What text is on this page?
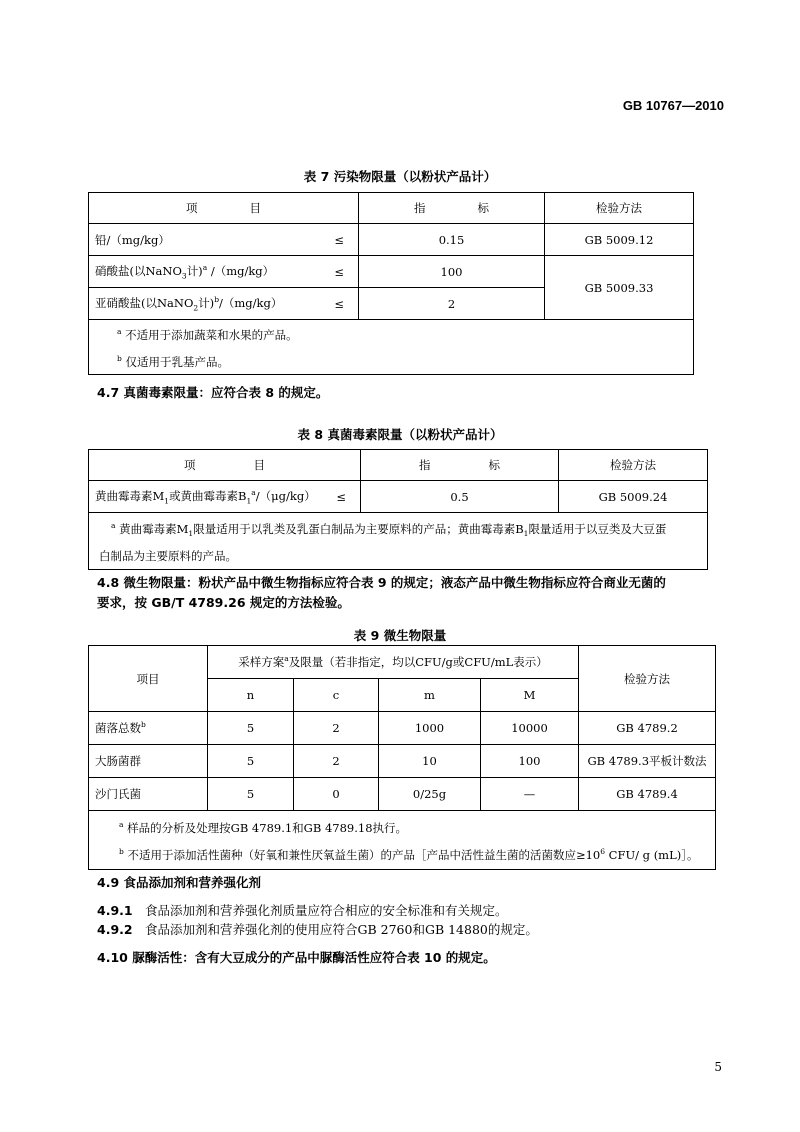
GB 10767—2010
表 7 污染物限量（以粉状产品计）
项 目	指 标	检验方法
铅/（mg/kg） ≤	0.15	GB 5009.12
硝酸盐(以NaNO$_3$计)$^a$ /（mg/kg） ≤	100	GB 5009.33
亚硝酸盐(以NaNO$_2$计)$^b$/（mg/kg） ≤	2	

$^a$ 不适用于添加蔬菜和水果的产品。
$^b$ 仅适用于乳基产品。		
4.7 真菌毒素限量：应符合表 8 的规定。
表 8 真菌毒素限量（以粉状产品计）
项 目	指 标	检验方法
黄曲霉毒素$M_1$或黄曲霉毒素$B_1^a/(\mu g/kg)$ ≤	0.5	GB 5009.24

$^a$ 黄曲霉毒素$M_1$限量适用于以乳类及乳蛋白制品为主要原料的产品；黄曲霉毒素$B_1$限量适用于以豆类及大豆蛋
白制品为主要原料的产品。		
4.8 微生物限量：粉状产品中微生物指标应符合表 9 的规定；液态产品中微生物指标应符合商业无菌的
要求，按 GB/T 4789.26 规定的方法检验。
表 9 微生物限量
项目	采样方案$^a$及限量（若非指定，均以CFU/g或CFU/mL表示）				检验方法
	n	c	m	M	
菌落总数$^b$	5	2	1000	10000	GB 4789.2
大肠菌群	5	2	10	100	GB 4789.3平板计数法
沙门氏菌	5	0	0/25g	—	GB 4789.4

$^a$ 样品的分析及处理按GB 4789.1和GB 4789.18执行。
$^b$ 不适用于添加活性菌种（好氧和兼性厌氧益生菌）的产品［产品中活性益生菌的活菌数应$\ge 10^6$ CFU/ g (mL)］。					
4.9 食品添加剂和营养强化剂
4.9.1 食品添加剂和营养强化剂质量应符合相应的安全标准和有关规定。
4.9.2 食品添加剂和营养强化剂的使用应符合GB 2760和GB 14880的规定。
4.10 脲酶活性：含有大豆成分的产品中脲酶活性应符合表 10 的规定。
5
